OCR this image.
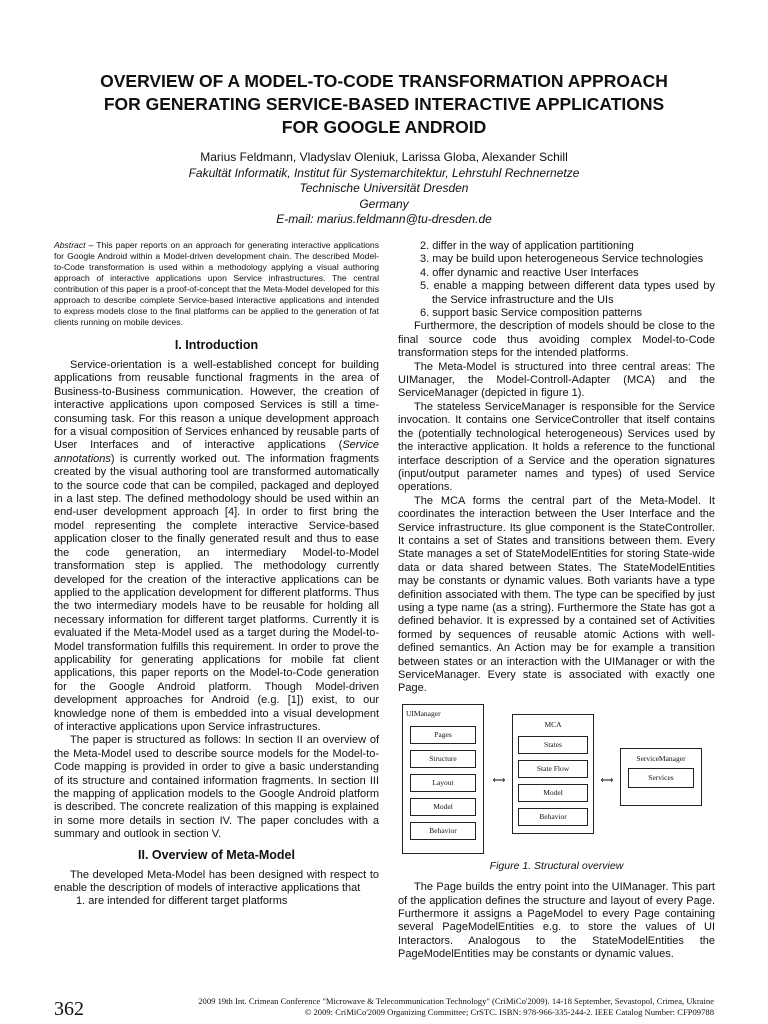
OVERVIEW OF A MODEL-TO-CODE TRANSFORMATION APPROACH
FOR GENERATING SERVICE-BASED INTERACTIVE APPLICATIONS
FOR GOOGLE ANDROID
Marius Feldmann, Vladyslav Oleniuk, Larissa Globa, Alexander Schill
Fakultät Informatik, Institut für Systemarchitektur, Lehrstuhl Rechnernetze
Technische Universität Dresden
Germany
E-mail: marius.feldmann@tu-dresden.de
Abstract – This paper reports on an approach for generating interactive applications for Google Android within a Model-driven development chain. The described Model-to-Code transformation is used within a methodology applying a visual authoring approach of interactive applications upon Service infrastructures. The central contribution of this paper is a proof-of-concept that the Meta-Model developed for this approach to describe complete Service-based interactive applications and intended to express models close to the final platforms can be applied to the generation of fat clients running on mobile devices.
I. Introduction

Service-orientation is a well-established concept for building applications from reusable functional fragments in the area of Business-to-Business communication. However, the creation of interactive applications upon composed Services is still a time-consuming task. For this reason a unique development approach for a visual composition of Services enhanced by reusable parts of User Interfaces and of interactive applications (Service annotations) is currently worked out. The information fragments created by the visual authoring tool are transformed automatically to the source code that can be compiled, packaged and deployed in a last step. The defined methodology should be used within an end-user development approach [4]. In order to first bring the model representing the complete interactive Service-based application closer to the finally generated result and thus to ease the code generation, an intermediary Model-to-Model transformation step is applied. The methodology currently developed for the creation of the interactive applications can be applied to the application development for different platforms. Thus the two intermediary models have to be reusable for holding all necessary information for different target platforms. Currently it is evaluated if the Meta-Model used as a target during the Model-to-Model transformation fulfills this requirement. In order to prove the applicability for generating applications for mobile fat client applications, this paper reports on the Model-to-Code generation for the Google Android platform. Though Model-driven development approaches for Android (e.g. [1]) exist, to our knowledge none of them is embedded into a visual development of interactive applications upon Service infrastructures.

The paper is structured as follows: In section II an overview of the Meta-Model used to describe source models for the Model-to-Code mapping is provided in order to give a basic understanding of its structure and contained information fragments. In section III the mapping of application models to the Google Android platform is described. The concrete realization of this mapping is explained in some more details in section IV. The paper concludes with a summary and outlook in section V.

II. Overview of Meta-Model

The developed Meta-Model has been designed with respect to enable the description of models of interactive applications that

1. are intended for different target platforms
2. differ in the way of application partitioning
3. may be build upon heterogeneous Service technologies
4. offer dynamic and reactive User Interfaces
5. enable a mapping between different data types used by the Service infrastructure and the UIs
6. support basic Service composition patterns

Furthermore, the description of models should be close to the final source code thus avoiding complex Model-to-Code transformation steps for the intended platforms.

The Meta-Model is structured into three central areas: The UIManager, the Model-Controll-Adapter (MCA) and the ServiceManager (depicted in figure 1).

The stateless ServiceManager is responsible for the Service invocation. It contains one ServiceController that itself contains the (potentially technological heterogeneous) Services used by the interactive application. It holds a reference to the functional interface description of a Service and the operation signatures (input/output parameter names and types) of used Service operations.

The MCA forms the central part of the Meta-Model. It coordinates the interaction between the User Interface and the Service infrastructure. Its glue component is the StateController. It contains a set of States and transitions between them. Every State manages a set of StateModelEntities for storing State-wide data or data shared between States. The StateModelEntities may be constants or dynamic values. Both variants have a type definition associated with them. The type can be specified by just using a type name (as a string). Furthermore the State has got a defined behavior. It is expressed by a contained set of Activities formed by sequences of reusable atomic Actions with well-defined semantics. An Action may be for example a transition between states or an interaction with the UIManager or with the ServiceManager. Every state is associated with exactly one Page.

UIManager
Pages
Structure
Layout
Model
Behavior
⟷
MCA
States
State Flow
Model
Behavior
⟷
ServiceManager
Services
Figure 1. Structural overview

The Page builds the entry point into the UIManager. This part of the application defines the structure and layout of every Page. Furthermore it assigns a PageModel to every Page containing several PageModelEntities e.g. to store the values of UI Interactors. Analogous to the StateModelEntities the PageModelEntities may be constants or dynamic values.

362	2009 19th Int. Crimean Conference "Microwave & Telecommunication Technology" (CriMiCo'2009). 14-18 September, Sevastopol, Crimea, Ukraine
© 2009: CriMiCo'2009 Organizing Committee; CrSTC. ISBN: 978-966-335-244-2. IEEE Catalog Number: CFP09788
